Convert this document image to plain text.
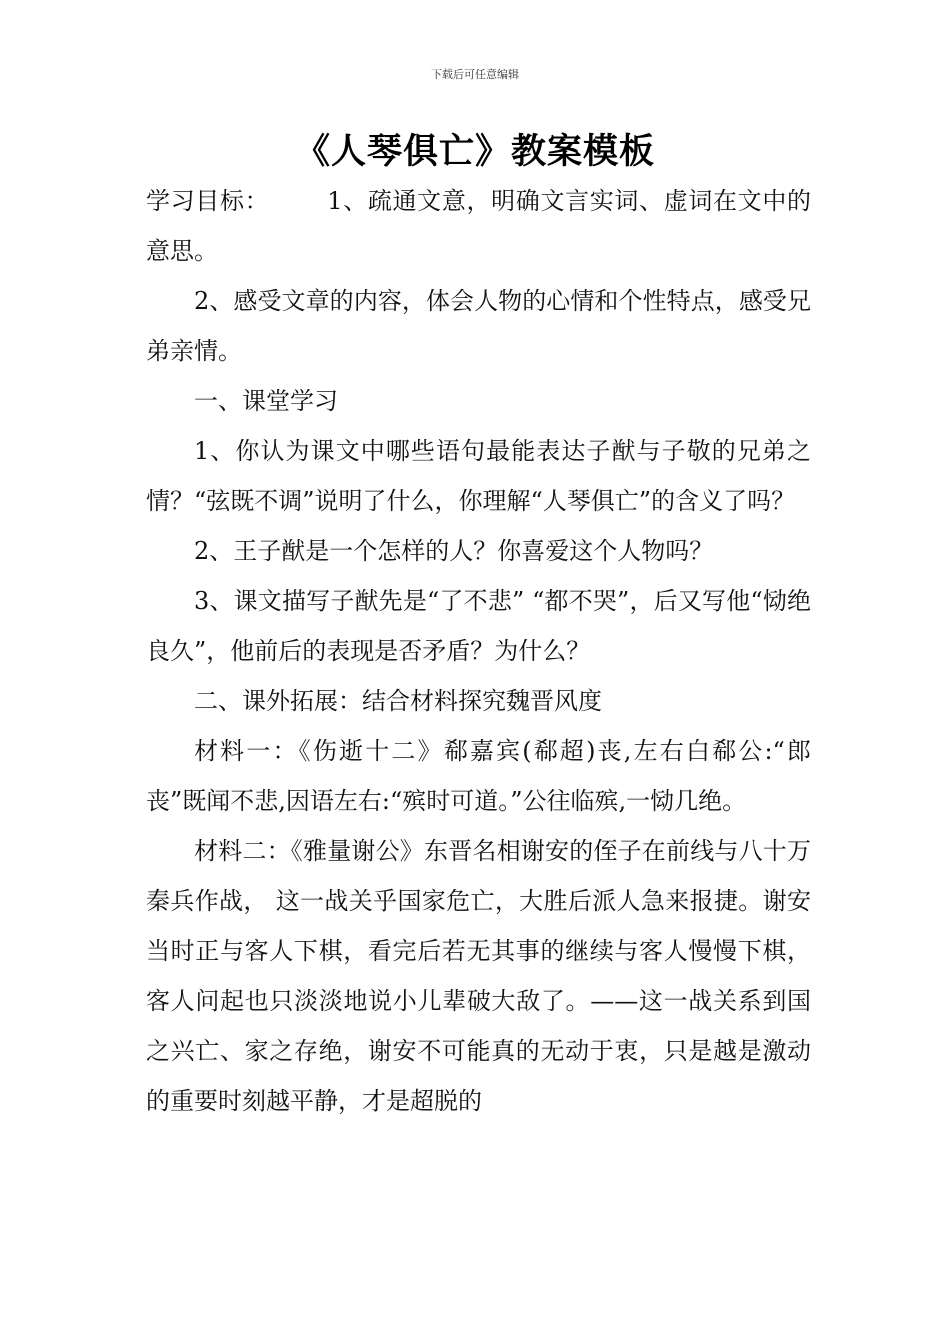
下载后可任意编辑
《人琴俱亡》教案模板

学习目标： 1、疏通文意，明确文言实词、虚词在文中的意思。

2、感受文章的内容，体会人物的心情和个性特点，感受兄弟亲情。

一、课堂学习

1、你认为课文中哪些语句最能表达子猷与子敬的兄弟之情？“弦既不调”说明了什么，你理解“人琴俱亡”的含义了吗？

2、王子猷是一个怎样的人？你喜爱这个人物吗？

3、课文描写子猷先是“了不悲” “都不哭”，后又写他“恸绝良久”，他前后的表现是否矛盾？为什么？

二、课外拓展：结合材料探究魏晋风度

材料一：《伤逝十二》郗嘉宾(郗超)丧,左右白郗公:“郎 丧”既闻不悲,因语左右:“殡时可道。”公往临殡,一恸几绝。

材料二：《雅量谢公》东晋名相谢安的侄子在前线与八十万秦兵作战， 这一战关乎国家危亡，大胜后派人急来报捷。谢安当时正与客人下棋，看完后若无其事的继续与客人慢慢下棋，客人问起也只淡淡地说小儿辈破大敌了。——这一战关系到国之兴亡、家之存绝，谢安不可能真的无动于衷，只是越是激动的重要时刻越平静，才是超脱的
